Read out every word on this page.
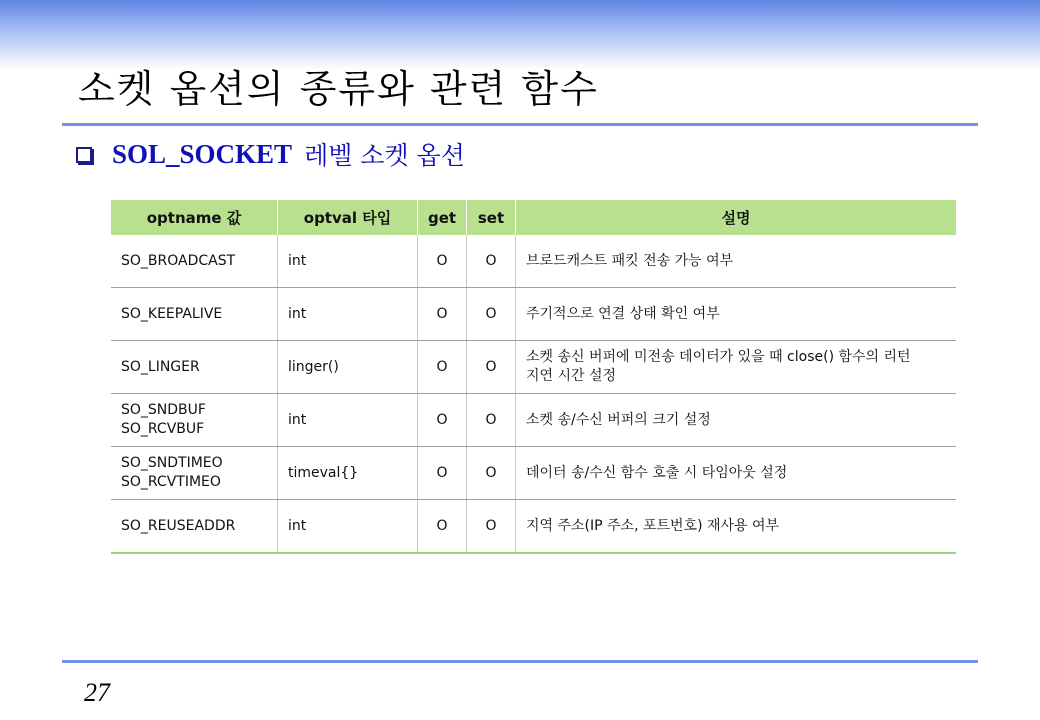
소켓 옵션의 종류와 관련 함수
SOL_SOCKET 레벨 소켓 옵션
optname 값	optval 타입	get	set	설명
SO_BROADCAST	int	O	O	브로드캐스트 패킷 전송 가능 여부
SO_KEEPALIVE	int	O	O	주기적으로 연결 상태 확인 여부
SO_LINGER	linger()	O	O	소켓 송신 버퍼에 미전송 데이터가 있을 때 close() 함수의 리턴
지연 시간 설정
SO_SNDBUF
SO_RCVBUF	int	O	O	소켓 송/수신 버퍼의 크기 설정
SO_SNDTIMEO
SO_RCVTIMEO	timeval{}	O	O	데이터 송/수신 함수 호출 시 타임아웃 설정
SO_REUSEADDR	int	O	O	지역 주소(IP 주소, 포트번호) 재사용 여부
27
